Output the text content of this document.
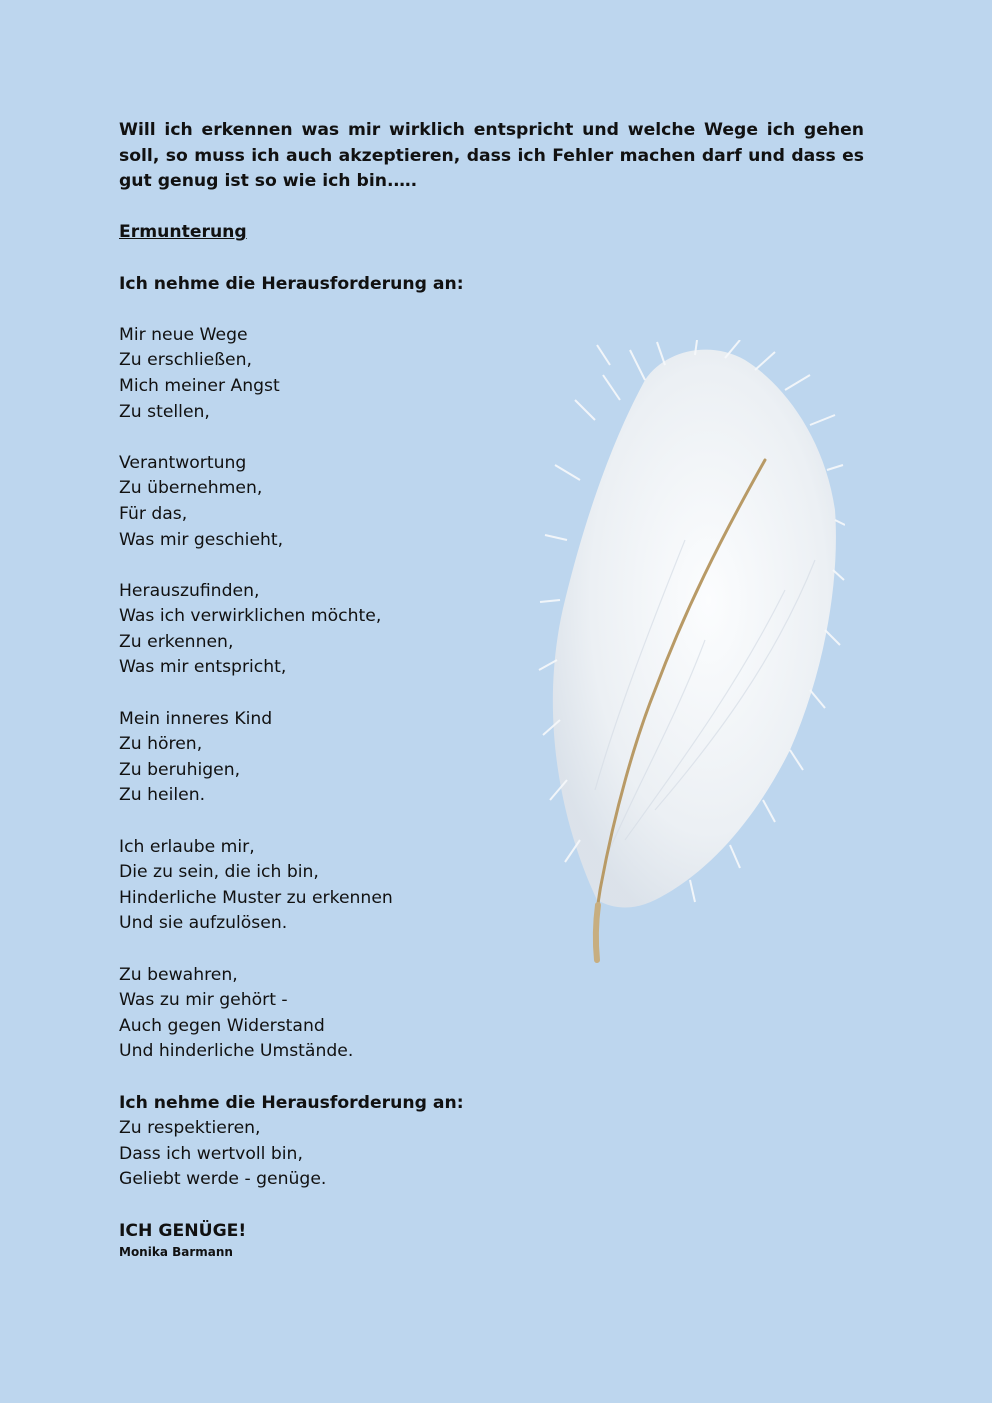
Will ich erkennen was mir wirklich entspricht und welche Wege ich gehen soll, so muss ich auch akzeptieren, dass ich Fehler machen darf und dass es gut genug ist so wie ich bin.….

Ermunterung

Ich nehme die Herausforderung an:

Mir neue Wege
Zu erschließen,
Mich meiner Angst
Zu stellen,
Verantwortung
Zu übernehmen,
Für das,
Was mir geschieht,
Herauszufinden,
Was ich verwirklichen möchte,
Zu erkennen,
Was mir entspricht,
Mein inneres Kind
Zu hören,
Zu beruhigen,
Zu heilen.
Ich erlaube mir,
Die zu sein, die ich bin,
Hinderliche Muster zu erkennen
Und sie aufzulösen.
Zu bewahren,
Was zu mir gehört -
Auch gegen Widerstand
Und hinderliche Umstände.

Ich nehme die Herausforderung an:

Zu respektieren,
Dass ich wertvoll bin,
Geliebt werde - genüge.

ICH GENÜGE!

Monika Barmann
